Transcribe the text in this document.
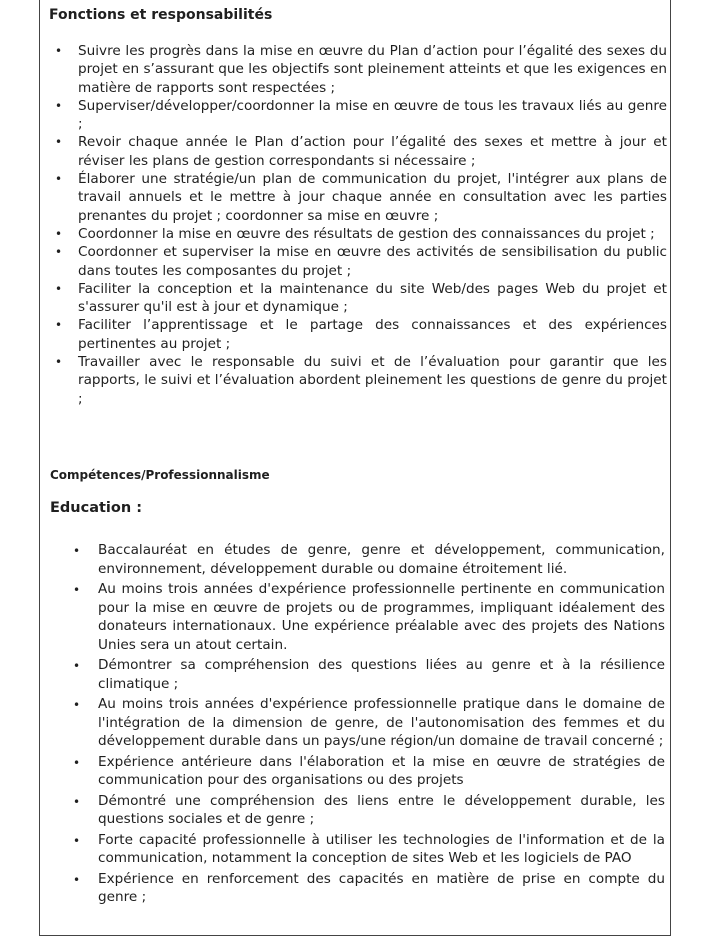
Fonctions et responsabilités
• Suivre les progrès dans la mise en œuvre du Plan d’action pour l’égalité des sexes du projet en s’assurant que les objectifs sont pleinement atteints et que les exigences en matière de rapports sont respectées ;
• Superviser/développer/coordonner la mise en œuvre de tous les travaux liés au genre ;
• Revoir chaque année le Plan d’action pour l’égalité des sexes et mettre à jour et réviser les plans de gestion correspondants si nécessaire ;
• Élaborer une stratégie/un plan de communication du projet, l'intégrer aux plans de travail annuels et le mettre à jour chaque année en consultation avec les parties prenantes du projet ; coordonner sa mise en œuvre ;
• Coordonner la mise en œuvre des résultats de gestion des connaissances du projet ;
• Coordonner et superviser la mise en œuvre des activités de sensibilisation du public dans toutes les composantes du projet ;
• Faciliter la conception et la maintenance du site Web/des pages Web du projet et s'assurer qu'il est à jour et dynamique ;
• Faciliter l’apprentissage et le partage des connaissances et des expériences pertinentes au projet ;
• Travailler avec le responsable du suivi et de l’évaluation pour garantir que les rapports, le suivi et l’évaluation abordent pleinement les questions de genre du projet ;

Compétences/Professionnalisme

Education :

• Baccalauréat en études de genre, genre et développement, communication, environnement, développement durable ou domaine étroitement lié.
• Au moins trois années d'expérience professionnelle pertinente en communication pour la mise en œuvre de projets ou de programmes, impliquant idéalement des donateurs internationaux. Une expérience préalable avec des projets des Nations Unies sera un atout certain.
• Démontrer sa compréhension des questions liées au genre et à la résilience climatique ;
• Au moins trois années d'expérience professionnelle pratique dans le domaine de l'intégration de la dimension de genre, de l'autonomisation des femmes et du développement durable dans un pays/une région/un domaine de travail concerné ;
• Expérience antérieure dans l'élaboration et la mise en œuvre de stratégies de communication pour des organisations ou des projets
• Démontré une compréhension des liens entre le développement durable, les questions sociales et de genre ;
• Forte capacité professionnelle à utiliser les technologies de l'information et de la communication, notamment la conception de sites Web et les logiciels de PAO
• Expérience en renforcement des capacités en matière de prise en compte du genre ;
